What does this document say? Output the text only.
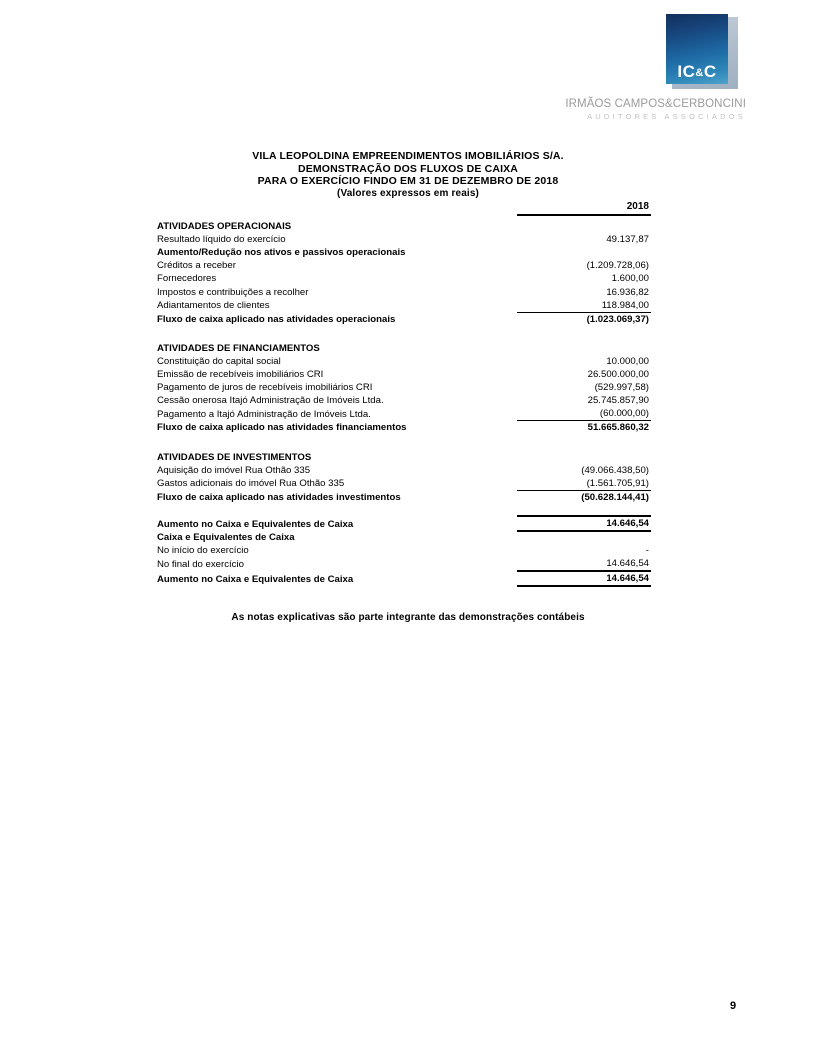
IC&C
IRMÃOS CAMPOS&CERBONCINI
AUDITORES ASSOCIADOS
VILA LEOPOLDINA EMPREENDIMENTOS IMOBILIÁRIOS S/A.
DEMONSTRAÇÃO DOS FLUXOS DE CAIXA
PARA O EXERCÍCIO FINDO EM 31 DE DEZEMBRO DE 2018
(Valores expressos em reais)
	2018
ATIVIDADES OPERACIONAIS	
Resultado líquido do exercício	49.137,87
Aumento/Redução nos ativos e passivos operacionais	
Créditos a receber	(1.209.728,06)
Fornecedores	1.600,00
Impostos e contribuições a recolher	16.936,82
Adiantamentos de clientes	118.984,00
Fluxo de caixa aplicado nas atividades operacionais	(1.023.069,37)

ATIVIDADES DE FINANCIAMENTOS	
Constituição do capital social	10.000,00
Emissão de recebíveis imobiliários CRI	26.500.000,00
Pagamento de juros de recebíveis imobiliários CRI	(529.997,58)
Cessão onerosa Itajó Administração de Imóveis Ltda.	25.745.857,90
Pagamento a Itajó Administração de Imóveis Ltda.	(60.000,00)
Fluxo de caixa aplicado nas atividades financiamentos	51.665.860,32

ATIVIDADES DE INVESTIMENTOS	
Aquisição do imóvel Rua Othão 335	(49.066.438,50)
Gastos adicionais do imóvel Rua Othão 335	(1.561.705,91)
Fluxo de caixa aplicado nas atividades investimentos	(50.628.144,41)

Aumento no Caixa e Equivalentes de Caixa	14.646,54
Caixa e Equivalentes de Caixa	
No início do exercício	-
No final do exercício	14.646,54
Aumento no Caixa e Equivalentes de Caixa	14.646,54
As notas explicativas são parte integrante das demonstrações contábeis
9
